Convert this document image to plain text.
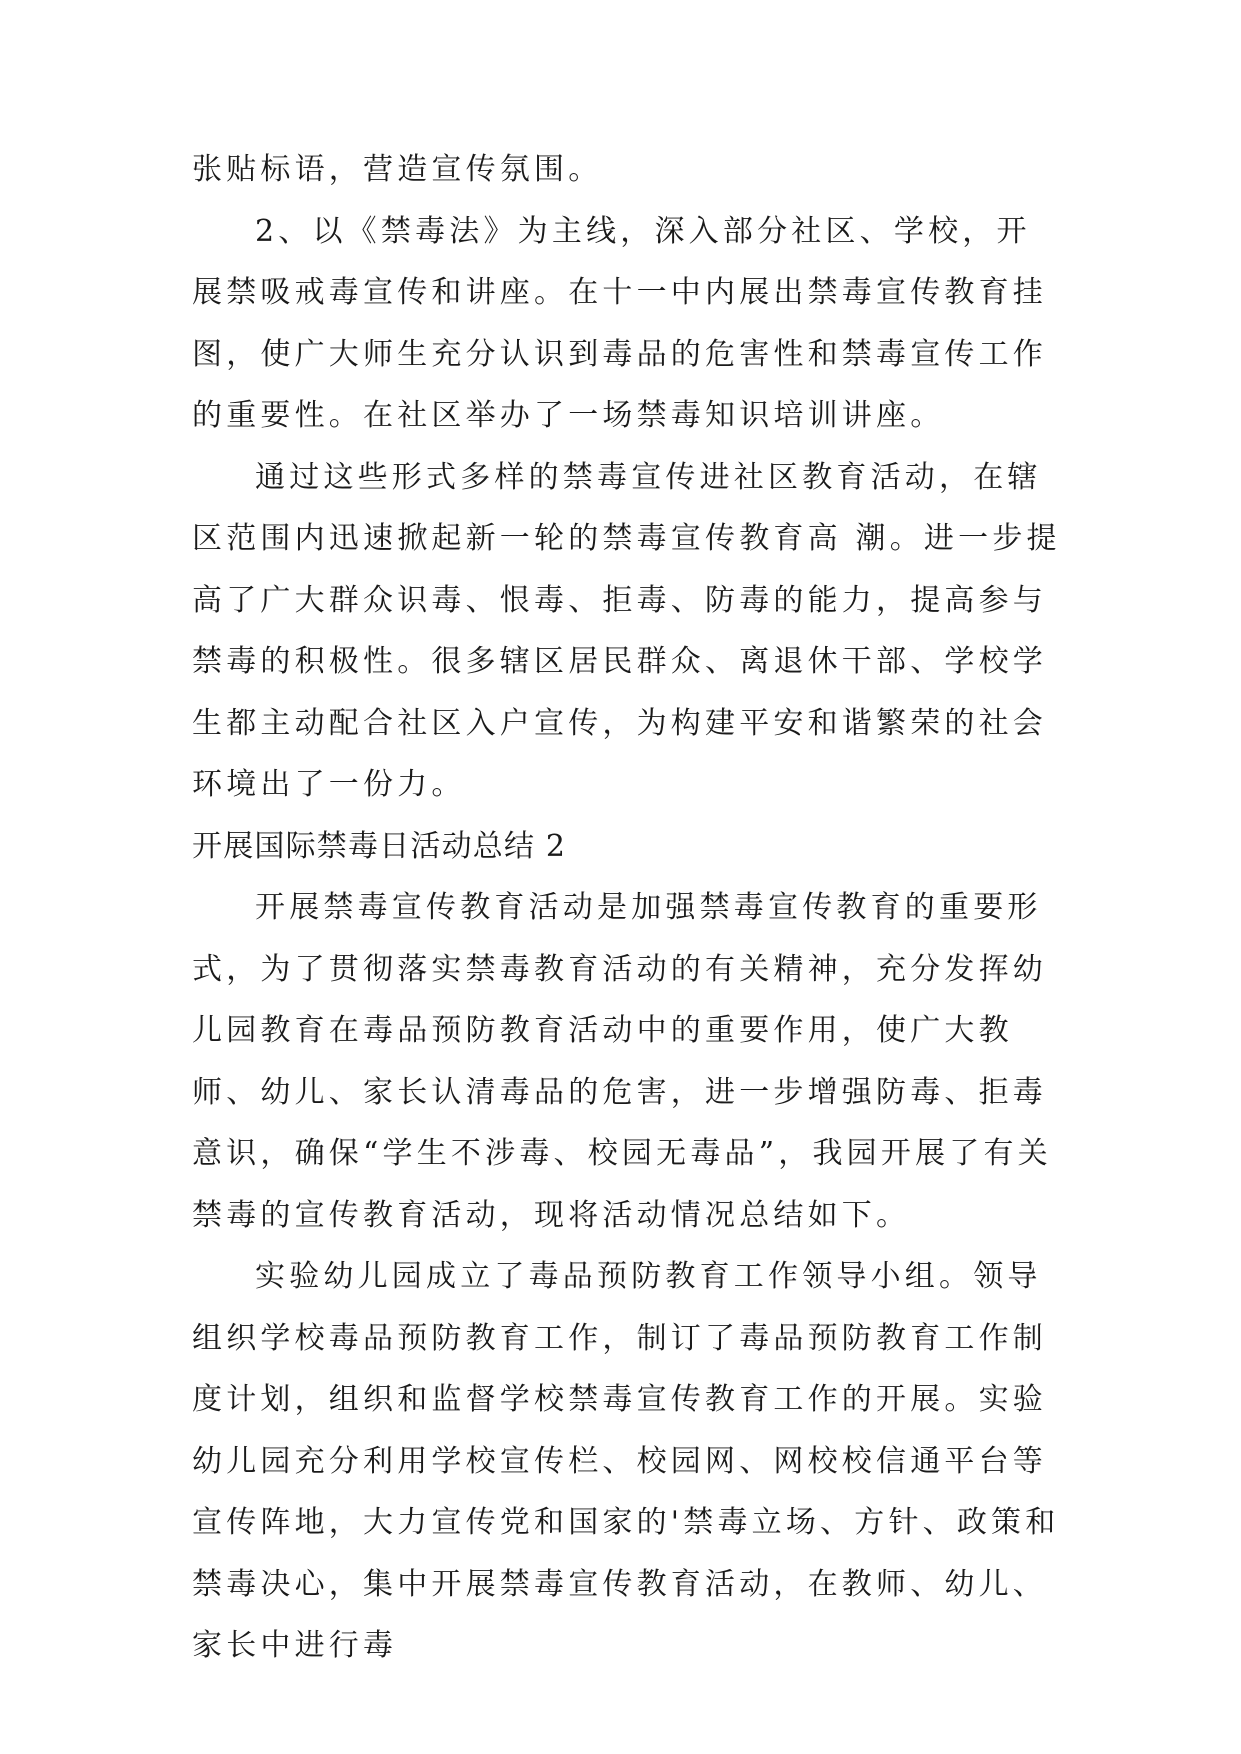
张贴标语，营造宣传氛围。

2、以《禁毒法》为主线，深入部分社区、学校，开展禁吸戒毒宣传和讲座。在十一中内展出禁毒宣传教育挂图，使广大师生充分认识到毒品的危害性和禁毒宣传工作的重要性。在社区举办了一场禁毒知识培训讲座。

通过这些形式多样的禁毒宣传进社区教育活动，在辖区范围内迅速掀起新一轮的禁毒宣传教育高 潮。进一步提高了广大群众识毒、恨毒、拒毒、防毒的能力，提高参与禁毒的积极性。很多辖区居民群众、离退休干部、学校学生都主动配合社区入户宣传，为构建平安和谐繁荣的社会环境出了一份力。

开展国际禁毒日活动总结 2

开展禁毒宣传教育活动是加强禁毒宣传教育的重要形式，为了贯彻落实禁毒教育活动的有关精神，充分发挥幼儿园教育在毒品预防教育活动中的重要作用，使广大教师、幼儿、家长认清毒品的危害，进一步增强防毒、拒毒意识，确保“学生不涉毒、校园无毒品”，我园开展了有关禁毒的宣传教育活动，现将活动情况总结如下。

实验幼儿园成立了毒品预防教育工作领导小组。领导组织学校毒品预防教育工作，制订了毒品预防教育工作制度计划，组织和监督学校禁毒宣传教育工作的开展。实验幼儿园充分利用学校宣传栏、校园网、网校校信通平台等宣传阵地，大力宣传党和国家的'禁毒立场、方针、政策和禁毒决心，集中开展禁毒宣传教育活动，在教师、幼儿、家长中进行毒
